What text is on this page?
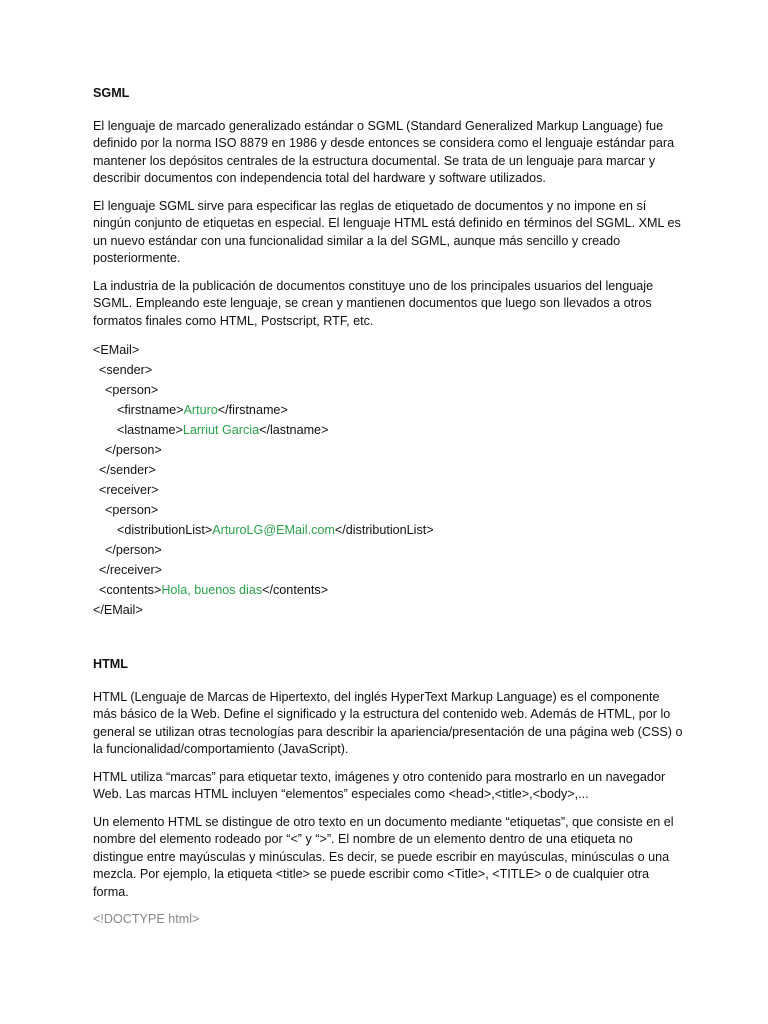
SGML

El lenguaje de marcado generalizado estándar o SGML (Standard Generalized Markup Language) fue definido por la norma ISO 8879 en 1986 y desde entonces se considera como el lenguaje estándar para mantener los depósitos centrales de la estructura documental. Se trata de un lenguaje para marcar y describir documentos con independencia total del hardware y software utilizados.

El lenguaje SGML sirve para especificar las reglas de etiquetado de documentos y no impone en sí ningún conjunto de etiquetas en especial. El lenguaje HTML está definido en términos del SGML. XML es un nuevo estándar con una funcionalidad similar a la del SGML, aunque más sencillo y creado posteriormente.

La industria de la publicación de documentos constituye uno de los principales usuarios del lenguaje SGML. Empleando este lenguaje, se crean y mantienen documentos que luego son llevados a otros formatos finales como HTML, Postscript, RTF, etc.

<EMail>
<sender>
<person>
<firstname>Arturo</firstname>
<lastname>Larriut Garcia</lastname>
</person>
</sender>
<receiver>
<person>
<distributionList>ArturoLG@EMail.com</distributionList>
</person>
</receiver>
<contents>Hola, buenos dias</contents>
</EMail>
HTML

HTML (Lenguaje de Marcas de Hipertexto, del inglés HyperText Markup Language) es el componente más básico de la Web. Define el significado y la estructura del contenido web. Además de HTML, por lo general se utilizan otras tecnologías para describir la apariencia/presentación de una página web (CSS) o la funcionalidad/comportamiento (JavaScript).

HTML utiliza “marcas” para etiquetar texto, imágenes y otro contenido para mostrarlo en un navegador Web. Las marcas HTML incluyen “elementos” especiales como <head>,<title>,<body>,...

Un elemento HTML se distingue de otro texto en un documento mediante “etiquetas”, que consiste en el nombre del elemento rodeado por “<” y “>”. El nombre de un elemento dentro de una etiqueta no distingue entre mayúsculas y minúsculas. Es decir, se puede escribir en mayúsculas, minúsculas o una mezcla. Por ejemplo, la etiqueta <title> se puede escribir como <Title>, <TITLE> o de cualquier otra forma.

<!DOCTYPE html>
